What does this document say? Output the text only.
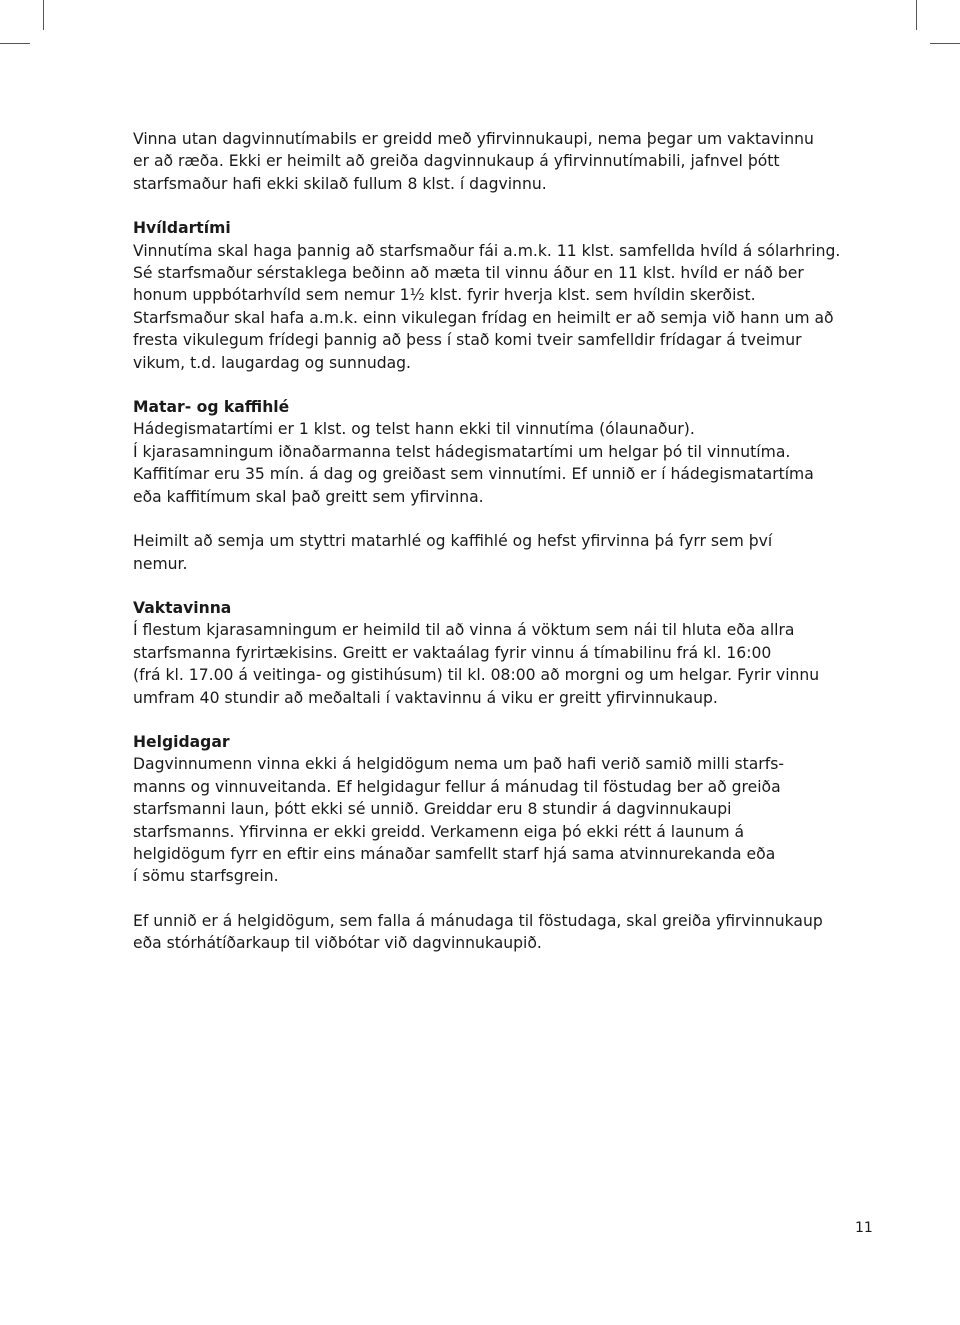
Vinna utan dagvinnutímabils er greidd með yfirvinnukaupi, nema þegar um vaktavinnu
er að ræða. Ekki er heimilt að greiða dagvinnukaup á yfirvinnutímabili, jafnvel þótt
starfsmaður hafi ekki skilað fullum 8 klst. í dagvinnu.
Hvíldartími
Vinnutíma skal haga þannig að starfsmaður fái a.m.k. 11 klst. samfellda hvíld á sólarhring.
Sé starfsmaður sérstaklega beðinn að mæta til vinnu áður en 11 klst. hvíld er náð ber
honum uppbótarhvíld sem nemur 1½ klst. fyrir hverja klst. sem hvíldin skerðist.
Starfsmaður skal hafa a.m.k. einn vikulegan frídag en heimilt er að semja við hann um að
fresta vikulegum frídegi þannig að þess í stað komi tveir samfelldir frídagar á tveimur
vikum, t.d. laugardag og sunnudag.
Matar- og kaffihlé
Hádegismatartími er 1 klst. og telst hann ekki til vinnutíma (ólaunaður).
Í kjarasamningum iðnaðarmanna telst hádegismatartími um helgar þó til vinnutíma.
Kaffitímar eru 35 mín. á dag og greiðast sem vinnutími. Ef unnið er í hádegismatartíma
eða kaffitímum skal það greitt sem yfirvinna.
Heimilt að semja um styttri matarhlé og kaffihlé og hefst yfirvinna þá fyrr sem því
nemur.
Vaktavinna
Í flestum kjarasamningum er heimild til að vinna á vöktum sem nái til hluta eða allra
starfsmanna fyrirtækisins. Greitt er vaktaálag fyrir vinnu á tímabilinu frá kl. 16:00
(frá kl. 17.00 á veitinga- og gistihúsum) til kl. 08:00 að morgni og um helgar. Fyrir vinnu
umfram 40 stundir að meðaltali í vaktavinnu á viku er greitt yfirvinnukaup.
Helgidagar
Dagvinnumenn vinna ekki á helgidögum nema um það hafi verið samið milli starfs-
manns og vinnuveitanda. Ef helgidagur fellur á mánudag til föstudag ber að greiða
starfsmanni laun, þótt ekki sé unnið. Greiddar eru 8 stundir á dagvinnukaupi
starfsmanns. Yfirvinna er ekki greidd. Verkamenn eiga þó ekki rétt á launum á
helgidögum fyrr en eftir eins mánaðar samfellt starf hjá sama atvinnurekanda eða
í sömu starfsgrein.
Ef unnið er á helgidögum, sem falla á mánudaga til föstudaga, skal greiða yfirvinnukaup
eða stórhátíðarkaup til viðbótar við dagvinnukaupið.
11
